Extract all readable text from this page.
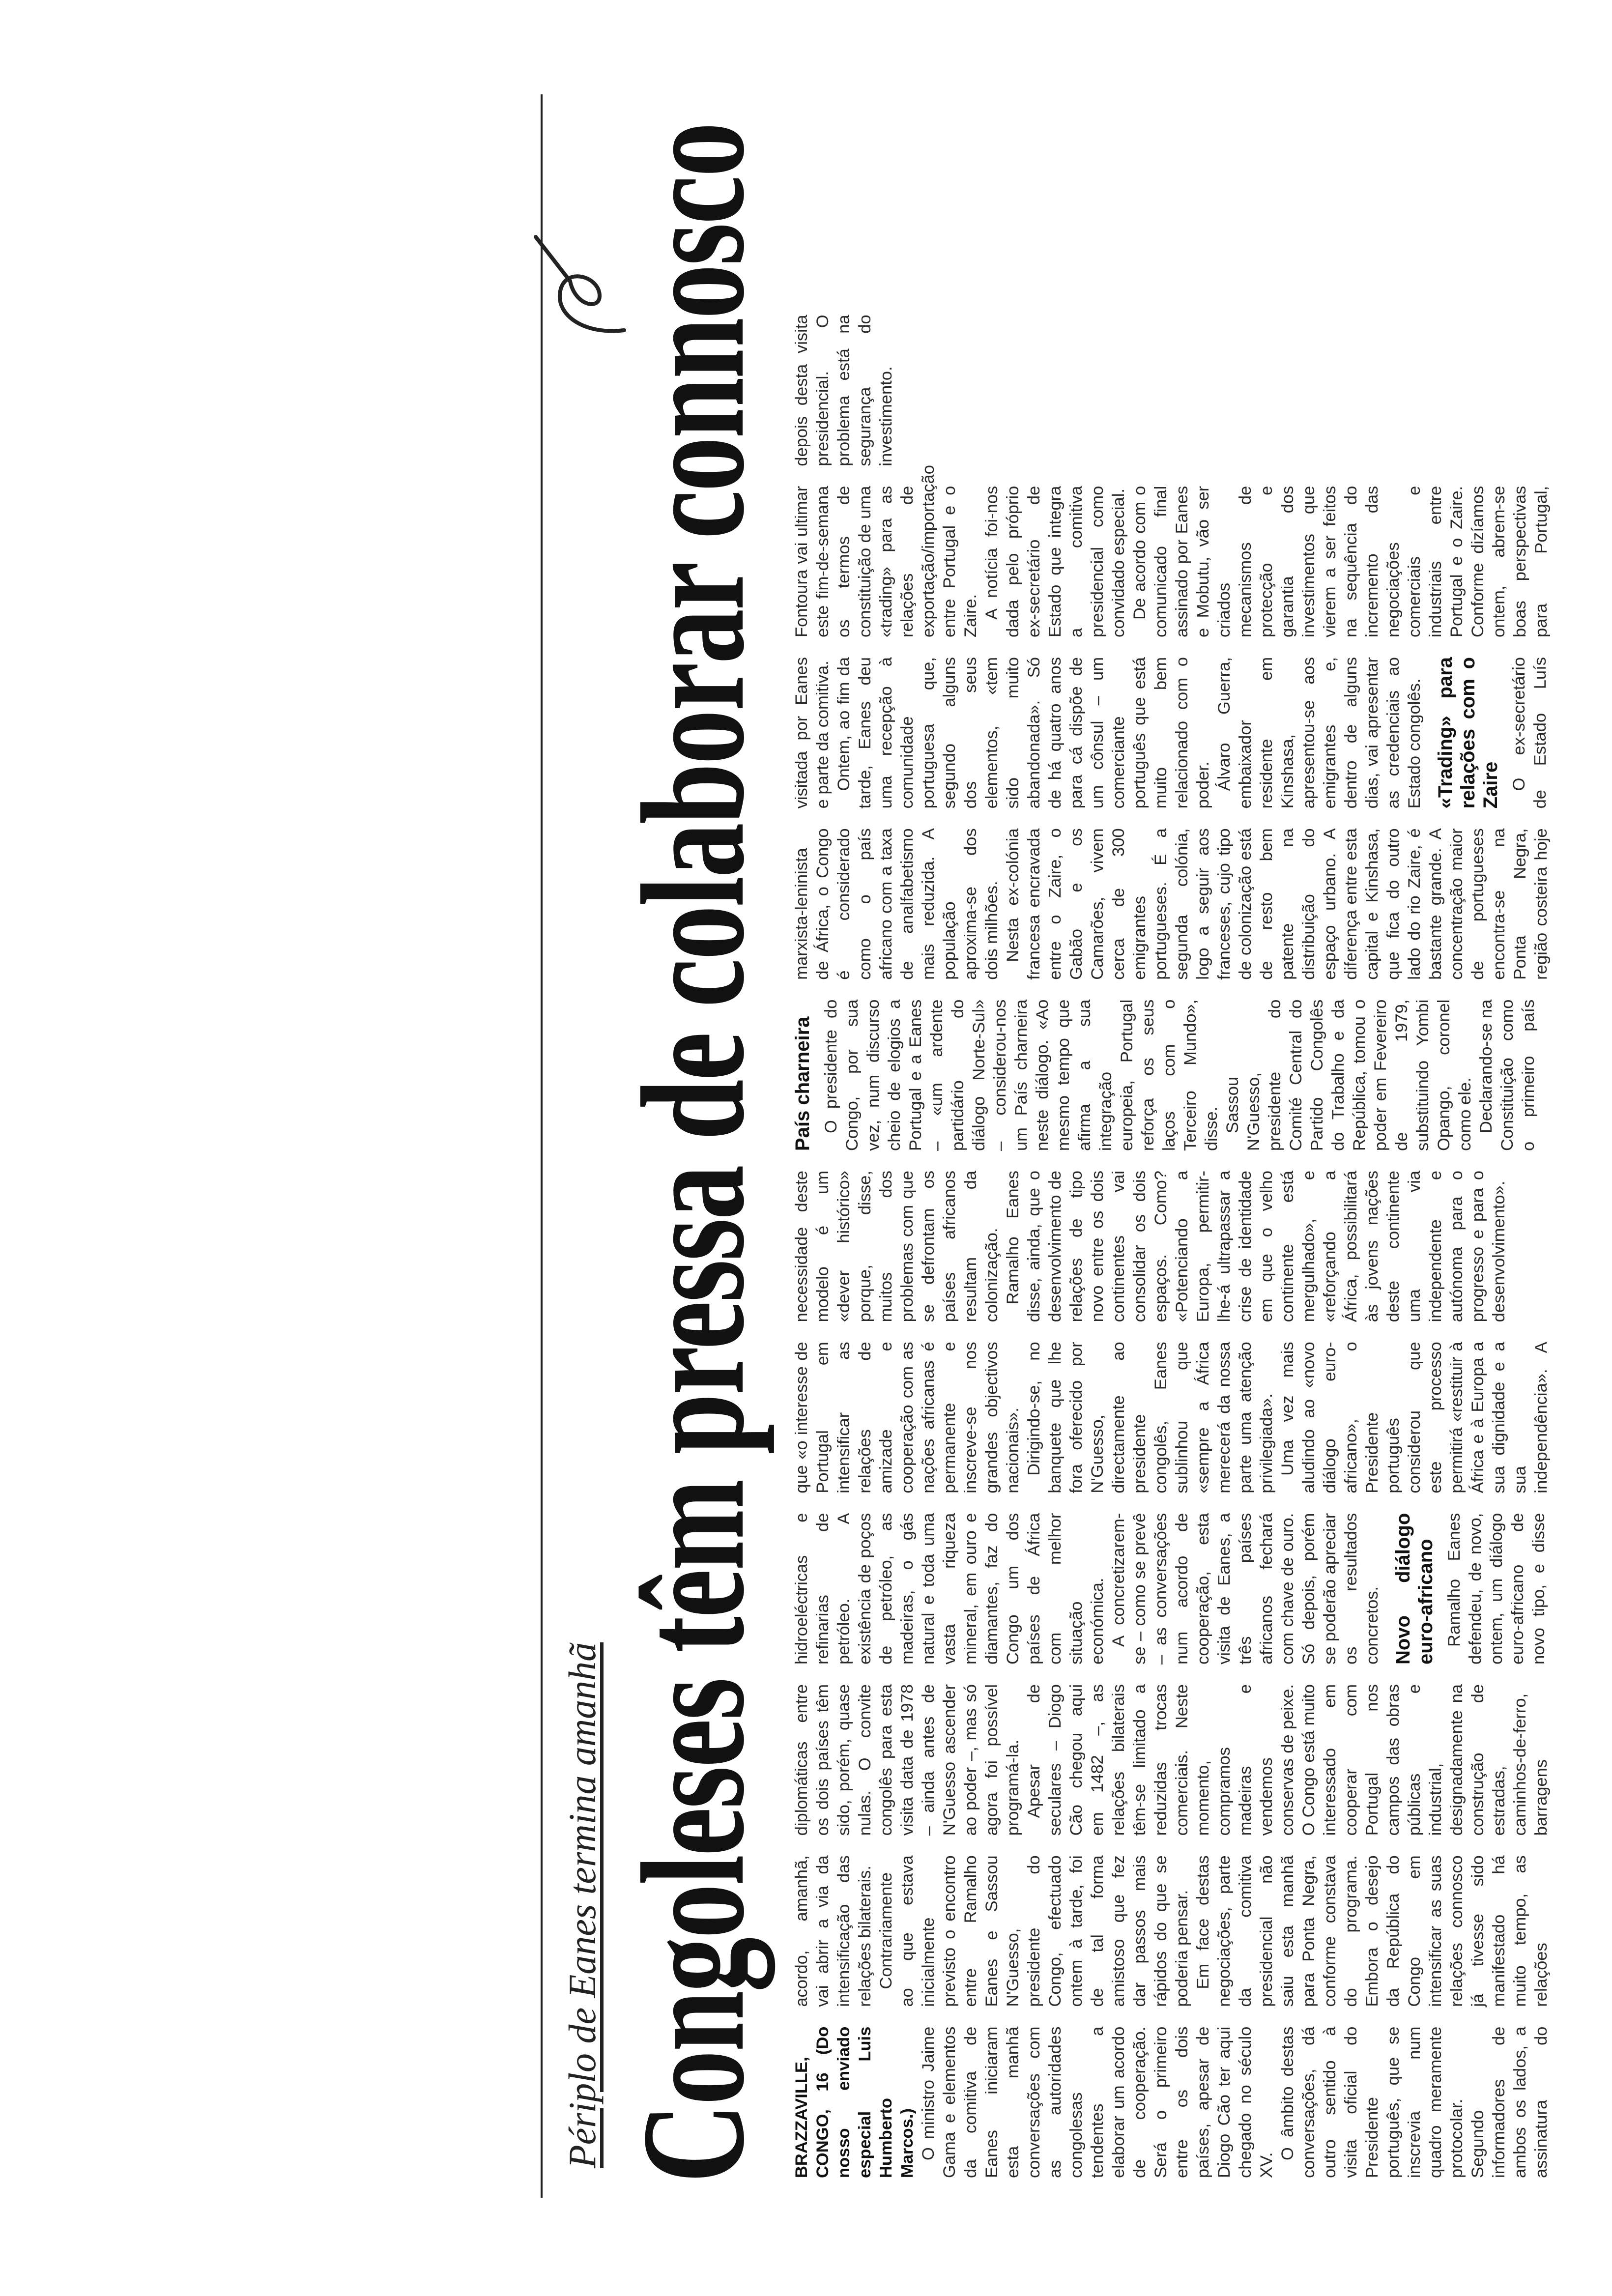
Périplo de Eanes termina amanhã Congoleses têm pressa de colaborar connosco BRAZZAVILLE, CONGO, 16 (Do nosso enviado especial Luis Humberto Marcos.) O ministro Jaime Gama e elementos da comitiva de Eanes iniciaram esta manhã conversações com as autoridades congolesas tendentes a elaborar um acordo de cooperação. Será o primeiro entre os dois países, apesar de Diogo Cão ter aqui chegado no século XV.

O âmbito destas conversações, dá outro sentido à visita oficial do Presidente português, que se inscrevia num quadro meramente protocolar. Segundo informadores de ambos os lados, a assinatura do acordo, amanhã, vai abrir a via da intensificação das relações bilaterais. Contrariamente ao que estava inicialmente previsto o encontro entre Ramalho Eanes e Sassou N'Guesso, presidente do Congo, efectuado ontem à tarde, foi de tal forma amistoso que fez dar passos mais rápidos do que se poderia pensar. Em face destas negociações, parte da comitiva presidencial não saiu esta manhã para Ponta Negra, conforme constava do programa. Embora o desejo da República do Congo em intensificar as suas relações connosco já tivesse sido manifestado há muito tempo, as relações diplomáticas entre os dois países têm sido, porém, quase nulas. O convite congolês para esta visita data de 1978 – ainda antes de N'Guesso ascender ao poder –, mas só agora foi possível programá-la. Apesar de seculares – Diogo Cão chegou aqui em 1482 –, as relações bilaterais têm-se limitado a reduzidas trocas comerciais. Neste momento, compramos madeiras e vendemos conservas de peixe. O Congo está muito interessado em cooperar com Portugal nos campos das obras públicas e industrial, designadamente na construção de estradas, caminhos-de-ferro, barragens hidroeléctricas e refinarias de petróleo. A existência de poços de petróleo, as madeiras, o gás natural e toda uma vasta riqueza mineral, em ouro e diamantes, faz do Congo um dos países de África com melhor situação económica. A concretizarem-se – como se prevê – as conversações num acordo de cooperação, esta visita de Eanes, a três países africanos fechará com chave de ouro. Só depois, porém se poderão apreciar os resultados concretos. Novo diálogo euro-africano Ramalho Eanes defendeu, de novo, ontem, um diálogo euro-africano de novo tipo, e disse que «o interesse de Portugal em intensificar as relações de amizade e cooperação com as nações africanas é permanente e inscreve-se nos grandes objectivos nacionais». Dirigindo-se, no banquete que lhe fora oferecido por N'Guesso, directamente ao presidente congolês, Eanes sublinhou que «sempre a África merecerá da nossa parte uma atenção privilegiada». Uma vez mais aludindo ao «novo diálogo euro-africano», o Presidente português considerou que este processo permitirá «restituir à África e à Europa a sua dignidade e a sua independência». A necessidade deste modelo é um «dever histórico» porque, disse, muitos dos problemas com que se defrontam os países africanos resultam da colonização. Ramalho Eanes disse, ainda, que o desenvolvimento de relações de tipo novo entre os dois continentes vai consolidar os dois espaços. Como? «Potenciando a Europa, permitir-lhe-á ultrapassar a crise de identidade em que o velho continente está mergulhado», e «reforçando a África, possibilitará às jovens nações deste continente uma via independente e autónoma para o progresso e para o desenvolvimento».

País charneira O presidente do Congo, por sua vez, num discurso cheio de elogios a Portugal e a Eanes – «um ardente partidário do diálogo Norte-Sul» – considerou-nos um País charneira neste diálogo. «Ao mesmo tempo que afirma a sua integração europeia, Portugal reforça os seus laços com o Terceiro Mundo», disse. Sassou N'Guesso, presidente do Comité Central do Partido Congolês do Trabalho e da República, tomou o poder em Fevereiro de 1979, substituindo Yombi Opango, coronel como ele. Declarando-se na Constituição como o primeiro país marxista-leninista de África, o Congo é considerado como o país africano com a taxa de analfabetismo mais reduzida. A população aproxima-se dos dois milhões. Nesta ex-colónia francesa encravada entre o Zaire, o Gabão e os Camarões, vivem cerca de 300 emigrantes portugueses. É a segunda colónia, logo a seguir aos franceses, cujo tipo de colonização está de resto bem patente na distribuição do espaço urbano. A diferença entre esta capital e Kinshasa, que fica do outro lado do rio Zaire, é bastante grande. A concentração maior de portugueses encontra-se na Ponta Negra, região costeira hoje visitada por Eanes e parte da comitiva. Ontem, ao fim da tarde, Eanes deu uma recepção à comunidade portuguesa que, segundo alguns dos seus elementos, «tem sido muito abandonada». Só de há quatro anos para cá dispõe de um cônsul – um comerciante português que está muito bem relacionado com o poder. Álvaro Guerra, embaixador residente em Kinshasa, apresentou-se aos emigrantes e, dentro de alguns dias, vai apresentar as credenciais ao Estado congolês. «Trading» para relações com o Zaire O ex-secretário de Estado Luís Fontoura vai ultimar este fim-de-semana os termos de constituição de uma «trading» para as relações de exportação/importação entre Portugal e o Zaire. A notícia foi-nos dada pelo próprio ex-secretário de Estado que integra a comitiva presidencial como convidado especial. De acordo com o comunicado final assinado por Eanes e Mobutu, vão ser criados mecanismos de protecção e garantia dos investimentos que vierem a ser feitos na sequência do incremento das negociações comerciais e industriais entre Portugal e o Zaire. Conforme dizíamos ontem, abrem-se boas perspectivas para Portugal, depois desta visita presidencial. O problema está na segurança do investimento.
